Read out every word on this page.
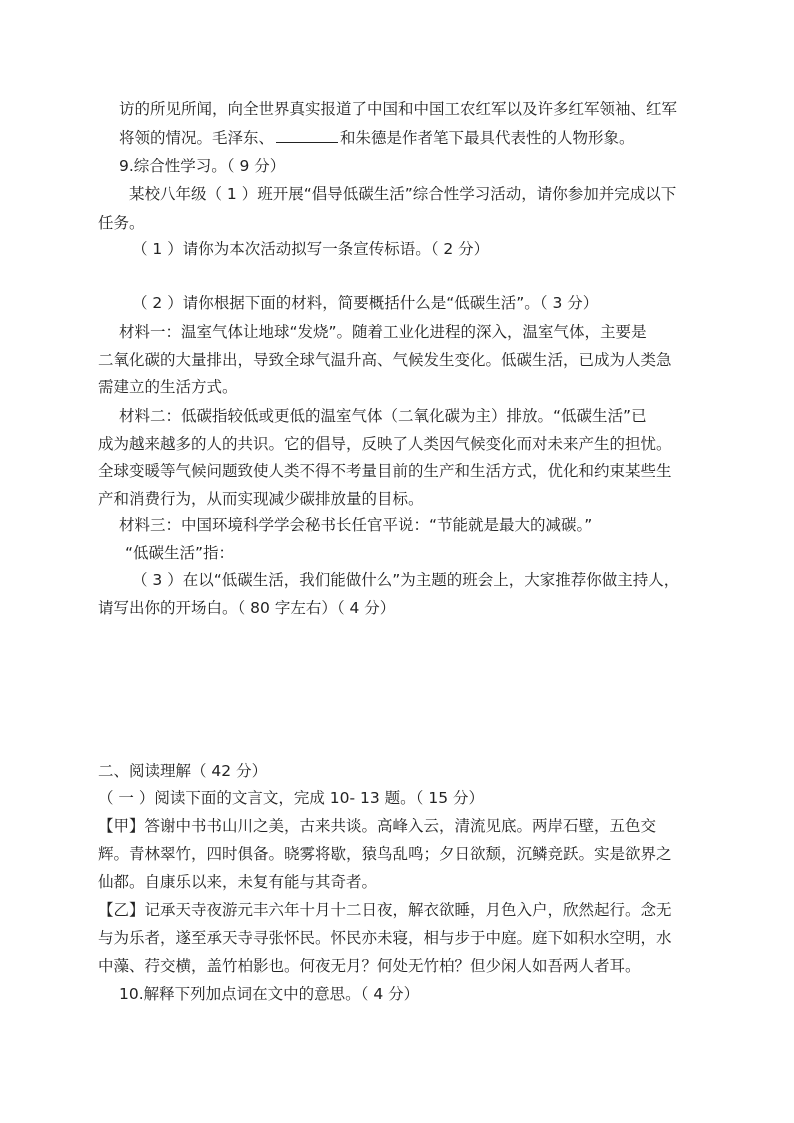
访的所见所闻，向全世界真实报道了中国和中国工农红军以及许多红军领袖、红军
将领的情况。毛泽东、	和朱德是作者笔下最具代表性的人物形象。
9.综合性学习。（ 9 分）
某校八年级（ 1 ）班开展“倡导低碳生活”综合性学习活动，请你参加并完成以下
任务。
（ 1 ）请你为本次活动拟写一条宣传标语。（ 2 分）
（ 2 ）请你根据下面的材料，简要概括什么是“低碳生活”。（ 3 分）
材料一：温室气体让地球“发烧”。随着工业化进程的深入，温室气体，主要是
二氧化碳的大量排出，导致全球气温升高、气候发生变化。低碳生活，已成为人类急
需建立的生活方式。
材料二：低碳指较低或更低的温室气体（二氧化碳为主）排放。“低碳生活”已
成为越来越多的人的共识。它的倡导，反映了人类因气候变化而对未来产生的担忧。
全球变暖等气候问题致使人类不得不考量目前的生产和生活方式，优化和约束某些生
产和消费行为，从而实现减少碳排放量的目标。
材料三：中国环境科学学会秘书长任官平说：“节能就是最大的减碳。”
“低碳生活”指：
（ 3 ）在以“低碳生活，我们能做什么”为主题的班会上，大家推荐你做主持人，
请写出你的开场白。（ 80 字左右）（ 4 分）
二、阅读理解（ 42 分）
（ 一 ）阅读下面的文言文，完成 10- 13 题。（ 15 分）
【甲】答谢中书书山川之美，古来共谈。高峰入云，清流见底。两岸石壁，五色交
辉。青林翠竹，四时俱备。晓雾将歇，猿鸟乱鸣；夕日欲颓，沉鳞竞跃。实是欲界之
仙都。自康乐以来，未复有能与其奇者。
【乙】记承天寺夜游元丰六年十月十二日夜，解衣欲睡，月色入户，欣然起行。念无
与为乐者，遂至承天寺寻张怀民。怀民亦未寝，相与步于中庭。庭下如积水空明，水
中藻、荇交横，盖竹柏影也。何夜无月？何处无竹柏？但少闲人如吾两人者耳。
10.解释下列加点词在文中的意思。（ 4 分）
